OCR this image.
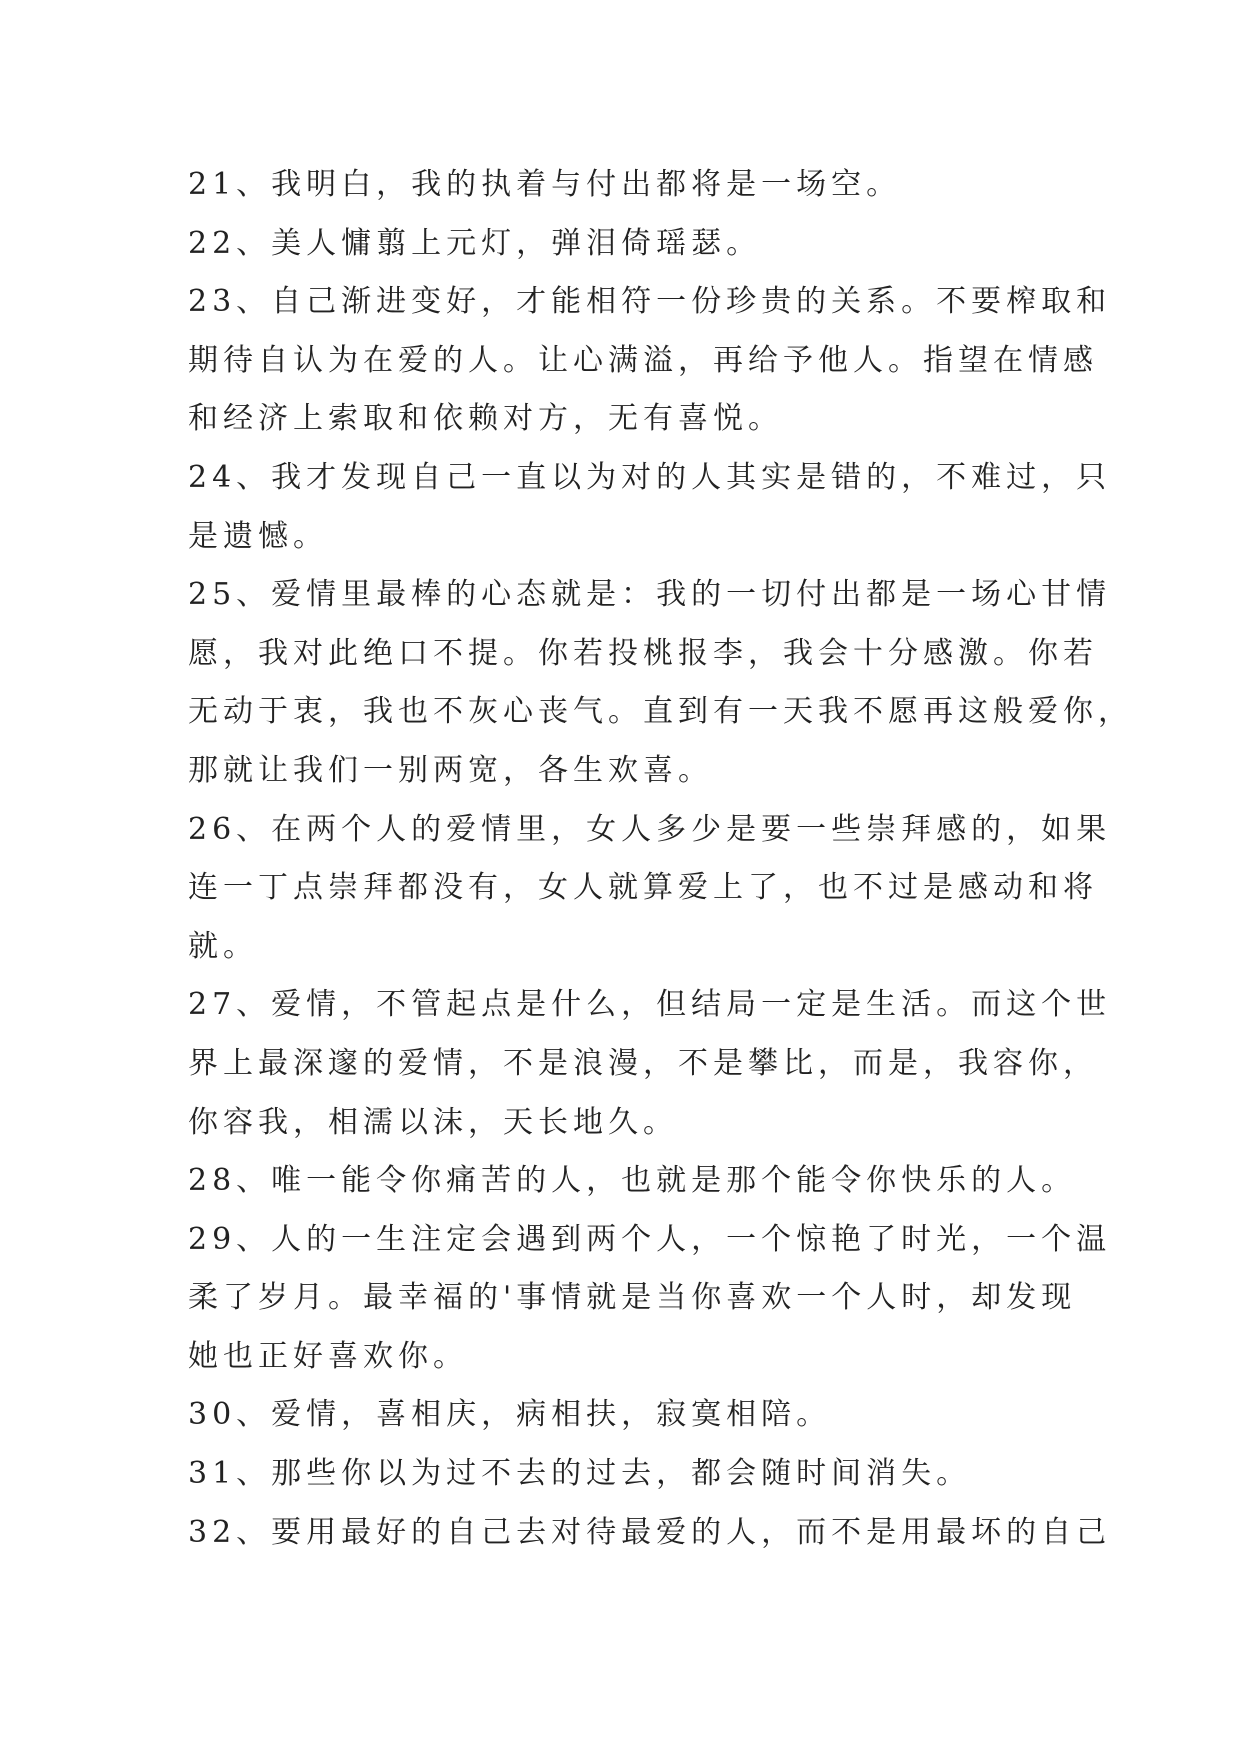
21、我明白，我的执着与付出都将是一场空。
22、美人慵翦上元灯，弹泪倚瑶瑟。
23、自己渐进变好，才能相符一份珍贵的关系。不要榨取和
期待自认为在爱的人。让心满溢，再给予他人。指望在情感
和经济上索取和依赖对方，无有喜悦。
24、我才发现自己一直以为对的人其实是错的，不难过，只
是遗憾。
25、爱情里最棒的心态就是：我的一切付出都是一场心甘情
愿，我对此绝口不提。你若投桃报李，我会十分感激。你若
无动于衷，我也不灰心丧气。直到有一天我不愿再这般爱你，
那就让我们一别两宽，各生欢喜。
26、在两个人的爱情里，女人多少是要一些崇拜感的，如果
连一丁点崇拜都没有，女人就算爱上了，也不过是感动和将
就。
27、爱情，不管起点是什么，但结局一定是生活。而这个世
界上最深邃的爱情，不是浪漫，不是攀比，而是，我容你，
你容我，相濡以沫，天长地久。
28、唯一能令你痛苦的人，也就是那个能令你快乐的人。
29、人的一生注定会遇到两个人，一个惊艳了时光，一个温
柔了岁月。最幸福的'事情就是当你喜欢一个人时，却发现
她也正好喜欢你。
30、爱情，喜相庆，病相扶，寂寞相陪。
31、那些你以为过不去的过去，都会随时间消失。
32、要用最好的自己去对待最爱的人，而不是用最坏的自己
